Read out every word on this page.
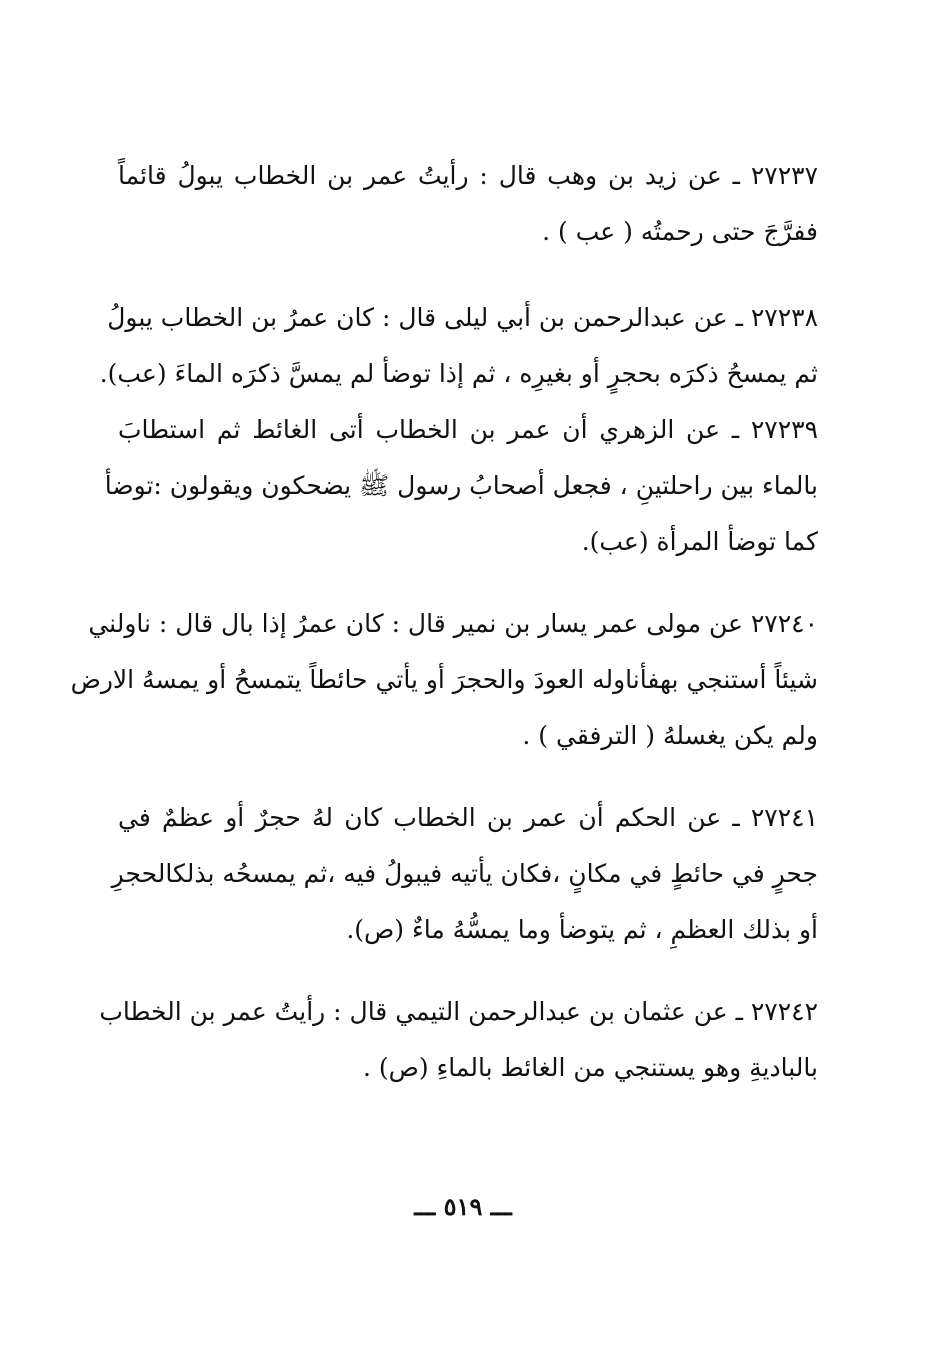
٢٧٢٣٧ ـ عن زيد بن وهب قال : رأيتُ عمر بن الخطاب يبولُ قائماً
ففرَّجَ حتى رحمتُه ( عب ) .
٢٧٢٣٨ ـ عن عبدالرحمن بن أبي ليلى قال : كان عمرُ بن الخطاب يبولُ
ثم يمسحُ ذكرَه بحجرٍ أو بغيرِه ، ثم إذا توضأ لم يمسَّ ذكرَه الماءَ (عب).
٢٧٢٣٩ ـ عن الزهري أن عمر بن الخطاب أتى الغائط ثم استطابَ
بالماء بين راحلتينِ ، فجعل أصحابُ رسول ﷺ يضحكون ويقولون :توضأ
كما توضأ المرأة (عب).
٢٧٢٤٠ عن مولى عمر يسار بن نمير قال : كان عمرُ إذا بال قال : ناولني
شيئاً أستنجي بهفأناوله العودَ والحجرَ أو يأتي حائطاً يتمسحُ أو يمسهُ الارض
ولم يكن يغسلهُ ( الترفقي ) .
٢٧٢٤١ ـ عن الحكم أن عمر بن الخطاب كان لهُ حجرٌ أو عظمٌ في
جحرٍ في حائطٍ في مكانٍ ،فكان يأتيه فيبولُ فيه ،ثم يمسحُه بذلكالحجرِ
أو بذلك العظمِ ، ثم يتوضأ وما يمسُّهُ ماءٌ (ص).
٢٧٢٤٢ ـ عن عثمان بن عبدالرحمن التيمي قال : رأيتُ عمر بن الخطاب
بالباديةِ وهو يستنجي من الغائط بالماءِ (ص) .
ـــ ٥١٩ ـــ
